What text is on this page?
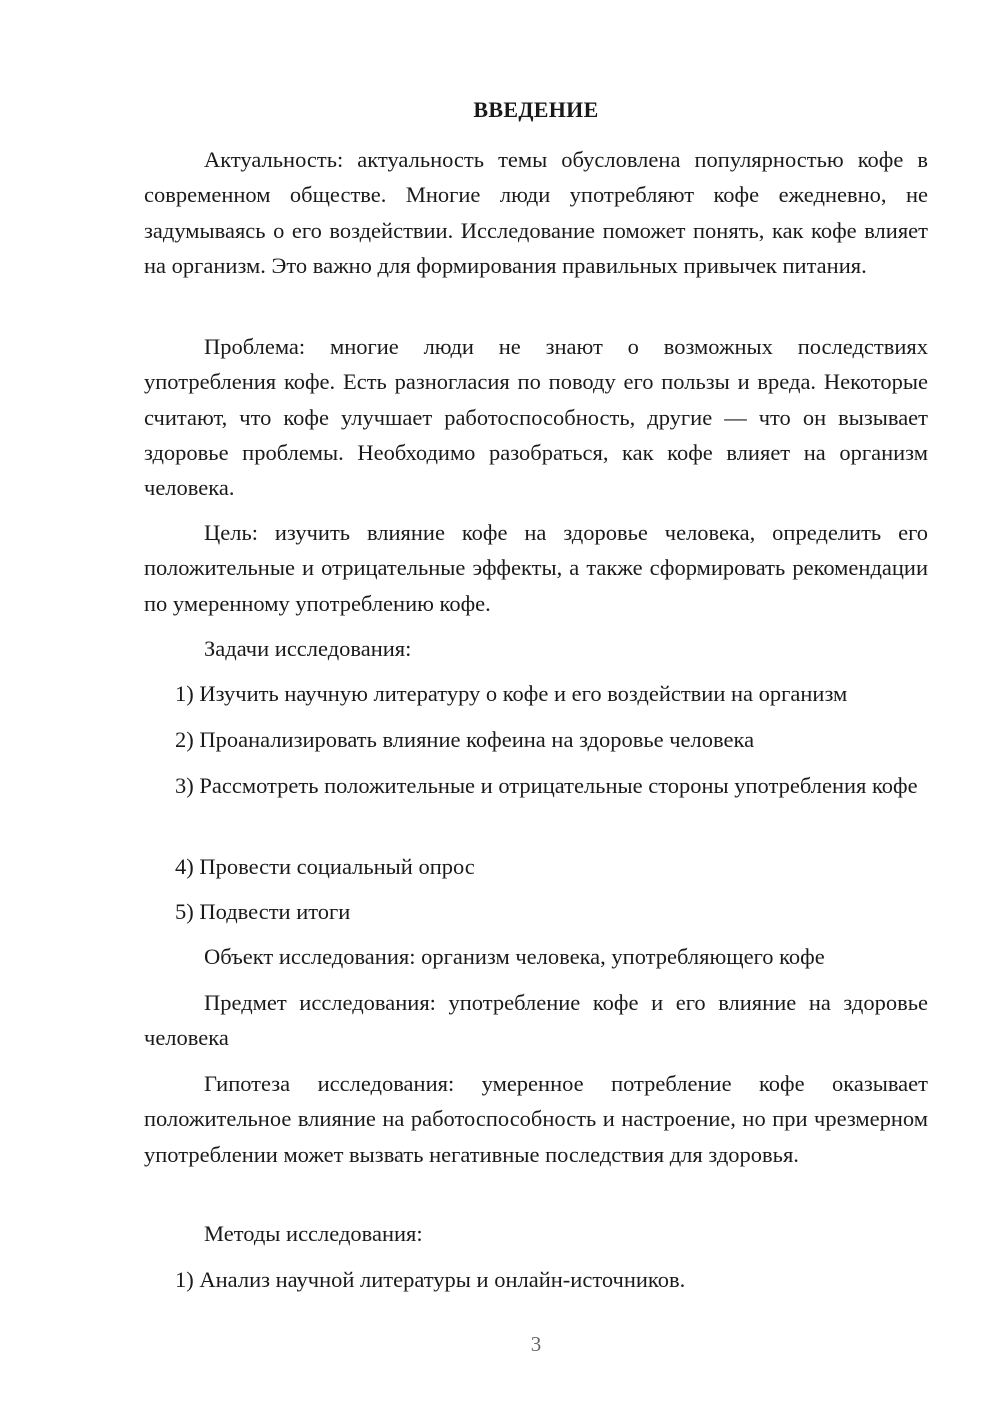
ВВЕДЕНИЕ

Актуальность: актуальность темы обусловлена популярностью кофе в современном обществе. Многие люди употребляют кофе ежедневно, не задумываясь о его воздействии. Исследование поможет понять, как кофе влияет на организм. Это важно для формирования правильных привычек питания.

Проблема: многие люди не знают о возможных последствиях употребления кофе. Есть разногласия по поводу его пользы и вреда. Некоторые считают, что кофе улучшает работоспособность, другие — что он вызывает здоровье проблемы. Необходимо разобраться, как кофе влияет на организм человека.

Цель: изучить влияние кофе на здоровье человека, определить его положительные и отрицательные эффекты, а также сформировать рекомендации по умеренному употреблению кофе.

Задачи исследования:
1) Изучить научную литературу о кофе и его воздействии на организм
2) Проанализировать влияние кофеина на здоровье человека

3) Рассмотреть положительные и отрицательные стороны употребления кофе

4) Провести социальный опрос
5) Подвести итоги
Объект исследования: организм человека, употребляющего кофе

Предмет исследования: употребление кофе и его влияние на здоровье человека

Гипотеза исследования: умеренное потребление кофе оказывает положительное влияние на работоспособность и настроение, но при чрезмерном употреблении может вызвать негативные последствия для здоровья.

Методы исследования:
1) Анализ научной литературы и онлайн-источников.
3
